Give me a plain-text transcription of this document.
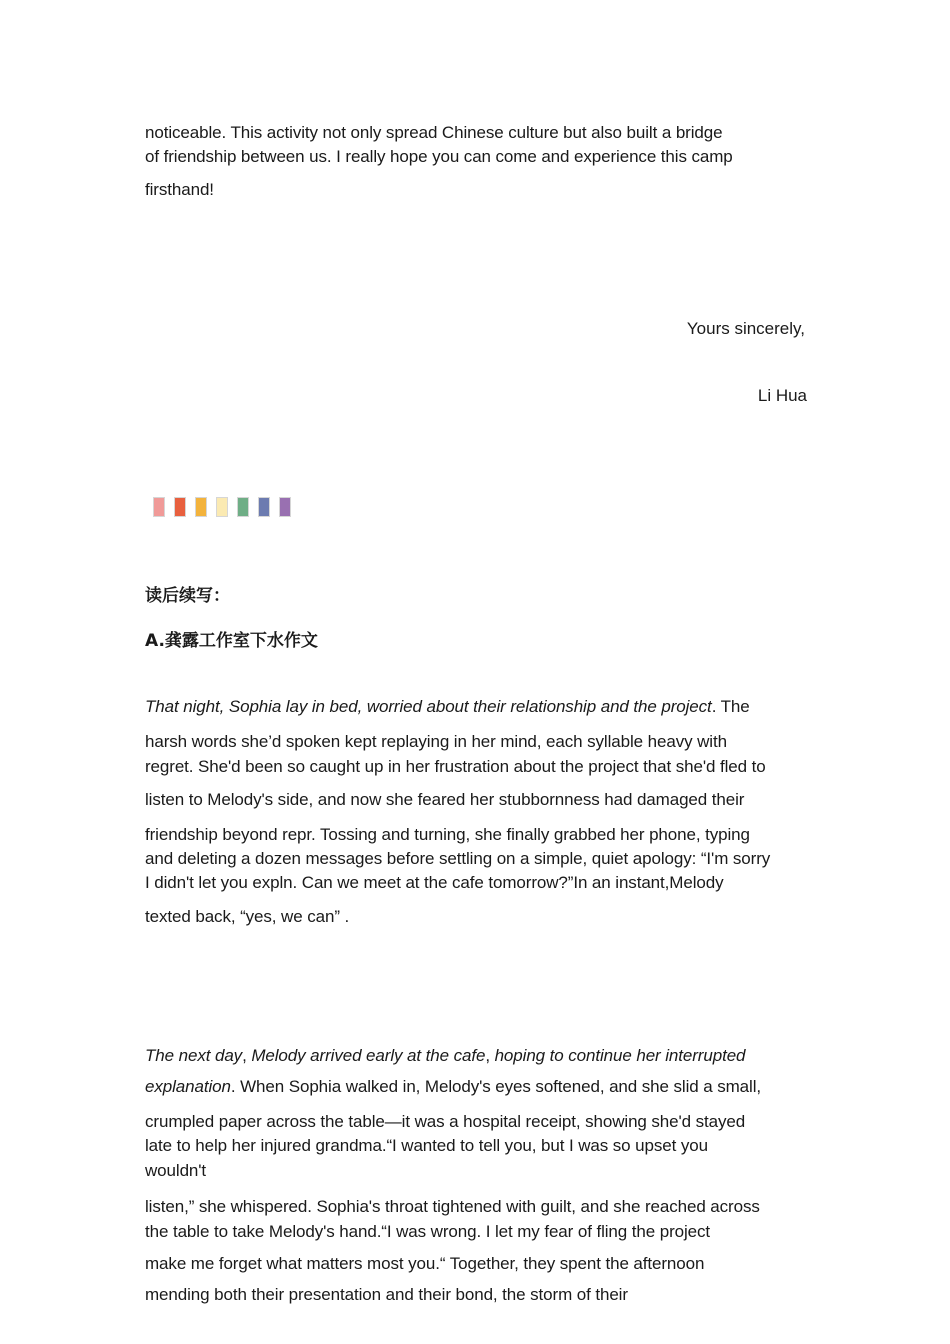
noticeable. This activity not only spread Chinese culture but also built a bridge
of friendship between us. I really hope you can come and experience this camp
firsthand!
Yours sincerely,
Li Hua
读后续写：
A.龚露工作室下水作文
That night, Sophia lay in bed, worried about their relationship and the project. The
harsh words she’d spoken kept replaying in her mind, each syllable heavy with
regret. She'd been so caught up in her frustration about the project that she'd fled to
listen to Melody's side, and now she feared her stubbornness had damaged their
friendship beyond repr. Tossing and turning, she finally grabbed her phone, typing
and deleting a dozen messages before settling on a simple, quiet apology: “I'm sorry
I didn't let you expln. Can we meet at the cafe tomorrow?”In an instant,Melody
texted back, “yes, we can” .
The next day, Melody arrived early at the cafe, hoping to continue her interrupted
explanation. When Sophia walked in, Melody's eyes softened, and she slid a small,
crumpled paper across the table—it was a hospital receipt, showing she'd stayed
late to help her injured grandma.“I wanted to tell you, but I was so upset you
wouldn't
listen,” she whispered. Sophia's throat tightened with guilt, and she reached across
the table to take Melody's hand.“I was wrong. I let my fear of fling the project
make me forget what matters most you.“ Together, they spent the afternoon
mending both their presentation and their bond, the storm of their
